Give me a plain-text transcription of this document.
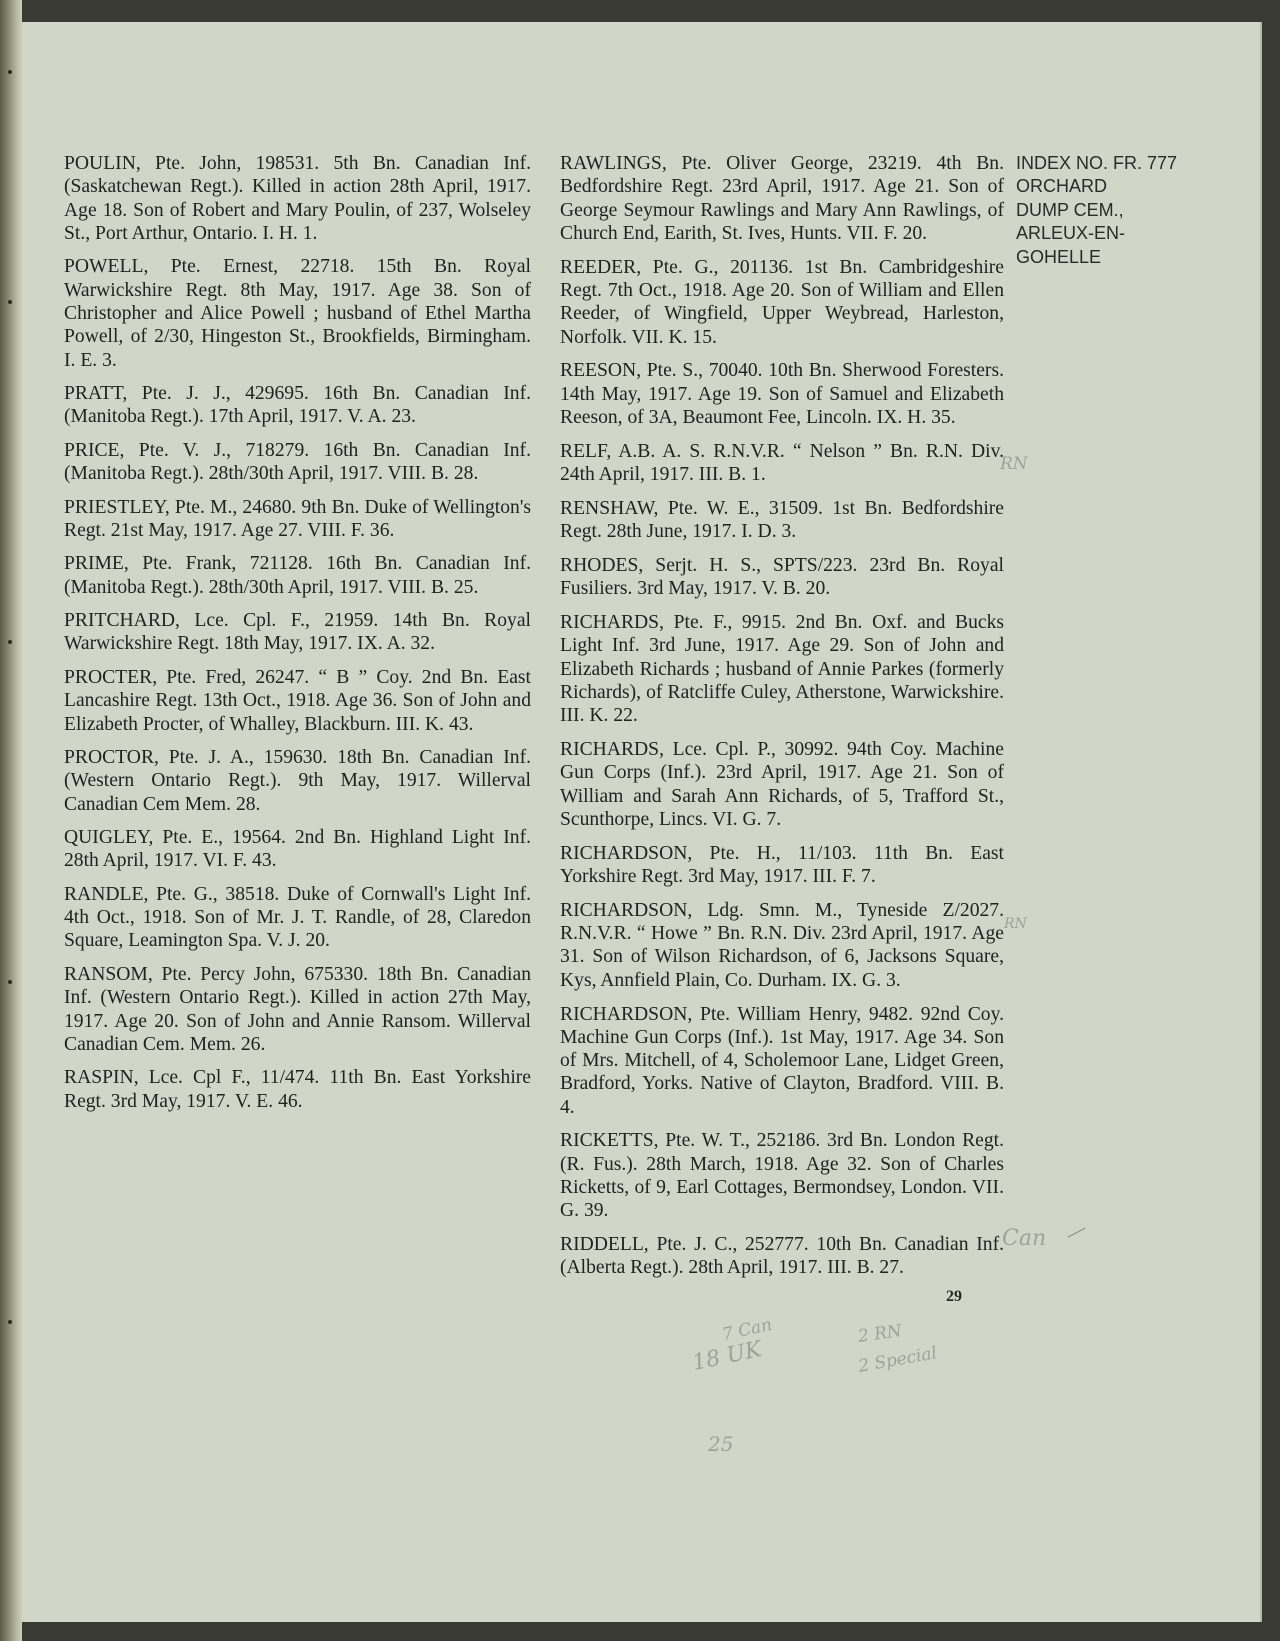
POULIN, Pte. John, 198531. 5th Bn. Canadian Inf. (Saskatchewan Regt.). Killed in action 28th April, 1917. Age 18. Son of Robert and Mary Poulin, of 237, Wolseley St., Port Arthur, Ontario. I. H. 1.

POWELL, Pte. Ernest, 22718. 15th Bn. Royal Warwickshire Regt. 8th May, 1917. Age 38. Son of Christopher and Alice Powell ; husband of Ethel Martha Powell, of 2/30, Hingeston St., Brookfields, Birmingham. I. E. 3.

PRATT, Pte. J. J., 429695. 16th Bn. Canadian Inf. (Manitoba Regt.). 17th April, 1917. V. A. 23.

PRICE, Pte. V. J., 718279. 16th Bn. Canadian Inf. (Manitoba Regt.). 28th/30th April, 1917. VIII. B. 28.

PRIESTLEY, Pte. M., 24680. 9th Bn. Duke of Wellington's Regt. 21st May, 1917. Age 27. VIII. F. 36.

PRIME, Pte. Frank, 721128. 16th Bn. Canadian Inf. (Manitoba Regt.). 28th/30th April, 1917. VIII. B. 25.

PRITCHARD, Lce. Cpl. F., 21959. 14th Bn. Royal Warwickshire Regt. 18th May, 1917. IX. A. 32.

PROCTER, Pte. Fred, 26247. “ B ” Coy. 2nd Bn. East Lancashire Regt. 13th Oct., 1918. Age 36. Son of John and Elizabeth Procter, of Whalley, Blackburn. III. K. 43.

PROCTOR, Pte. J. A., 159630. 18th Bn. Canadian Inf. (Western Ontario Regt.). 9th May, 1917. Willerval Canadian Cem Mem. 28.

QUIGLEY, Pte. E., 19564. 2nd Bn. Highland Light Inf. 28th April, 1917. VI. F. 43.

RANDLE, Pte. G., 38518. Duke of Cornwall's Light Inf. 4th Oct., 1918. Son of Mr. J. T. Randle, of 28, Claredon Square, Leamington Spa. V. J. 20.

RANSOM, Pte. Percy John, 675330. 18th Bn. Canadian Inf. (Western Ontario Regt.). Killed in action 27th May, 1917. Age 20. Son of John and Annie Ransom. Willerval Canadian Cem. Mem. 26.

RASPIN, Lce. Cpl F., 11/474. 11th Bn. East Yorkshire Regt. 3rd May, 1917. V. E. 46.

RAWLINGS, Pte. Oliver George, 23219. 4th Bn. Bedfordshire Regt. 23rd April, 1917. Age 21. Son of George Seymour Rawlings and Mary Ann Rawlings, of Church End, Earith, St. Ives, Hunts. VII. F. 20.

REEDER, Pte. G., 201136. 1st Bn. Cambridgeshire Regt. 7th Oct., 1918. Age 20. Son of William and Ellen Reeder, of Wingfield, Upper Weybread, Harleston, Norfolk. VII. K. 15.

REESON, Pte. S., 70040. 10th Bn. Sherwood Foresters. 14th May, 1917. Age 19. Son of Samuel and Elizabeth Reeson, of 3A, Beaumont Fee, Lincoln. IX. H. 35.

RELF, A.B. A. S. R.N.V.R. “ Nelson ” Bn. R.N. Div. 24th April, 1917. III. B. 1.

RENSHAW, Pte. W. E., 31509. 1st Bn. Bedfordshire Regt. 28th June, 1917. I. D. 3.

RHODES, Serjt. H. S., SPTS/223. 23rd Bn. Royal Fusiliers. 3rd May, 1917. V. B. 20.

RICHARDS, Pte. F., 9915. 2nd Bn. Oxf. and Bucks Light Inf. 3rd June, 1917. Age 29. Son of John and Elizabeth Richards ; husband of Annie Parkes (formerly Richards), of Ratcliffe Culey, Atherstone, Warwickshire. III. K. 22.

RICHARDS, Lce. Cpl. P., 30992. 94th Coy. Machine Gun Corps (Inf.). 23rd April, 1917. Age 21. Son of William and Sarah Ann Richards, of 5, Trafford St., Scunthorpe, Lincs. VI. G. 7.

RICHARDSON, Pte. H., 11/103. 11th Bn. East Yorkshire Regt. 3rd May, 1917. III. F. 7.

RICHARDSON, Ldg. Smn. M., Tyneside Z/2027. R.N.V.R. “ Howe ” Bn. R.N. Div. 23rd April, 1917. Age 31. Son of Wilson Richardson, of 6, Jacksons Square, Kys, Annfield Plain, Co. Durham. IX. G. 3.

RICHARDSON, Pte. William Henry, 9482. 92nd Coy. Machine Gun Corps (Inf.). 1st May, 1917. Age 34. Son of Mrs. Mitchell, of 4, Scholemoor Lane, Lidget Green, Bradford, Yorks. Native of Clayton, Bradford. VIII. B. 4.

RICKETTS, Pte. W. T., 252186. 3rd Bn. London Regt. (R. Fus.). 28th March, 1918. Age 32. Son of Charles Ricketts, of 9, Earl Cottages, Bermondsey, London. VII. G. 39.

RIDDELL, Pte. J. C., 252777. 10th Bn. Canadian Inf. (Alberta Regt.). 28th April, 1917. III. B. 27.

INDEX NO. FR. 777
ORCHARD
DUMP CEM.,
ARLEUX-EN-
GOHELLE
29
RN
RN
Can —
7 Can
18 UK
2 RN
2 Special
25
